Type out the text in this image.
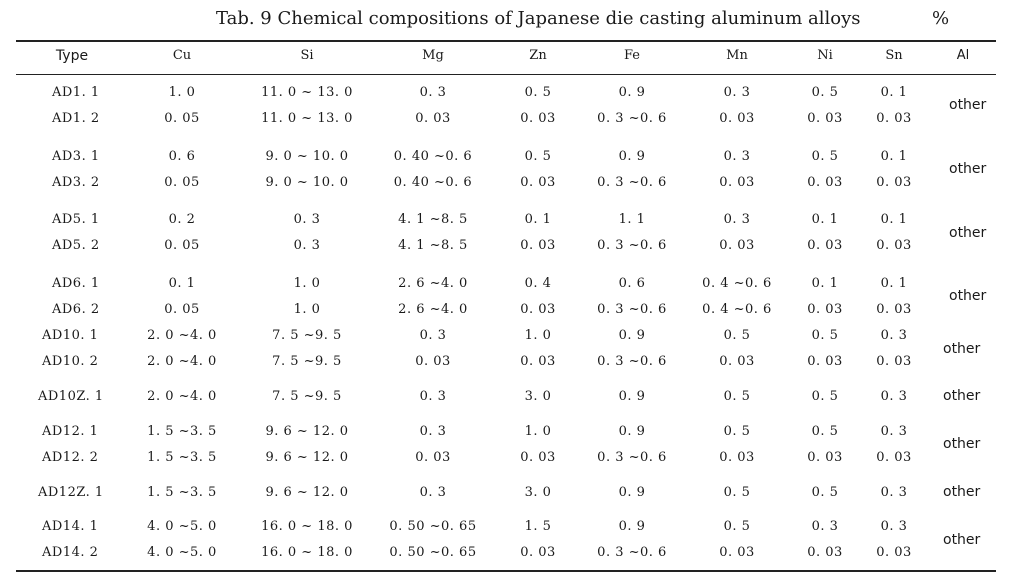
Tab. 9 Chemical compositions of Japanese die casting aluminum alloys	%
Type	Cu	Si	Mg	Zn	Fe	Mn	Ni	Sn	Al
AD1. 1	1. 0	11. 0 ~ 13. 0	0. 3	0. 5	0. 9	0. 3	0. 5	0. 1
AD1. 2	0. 05	11. 0 ~ 13. 0	0. 03	0. 03	0. 3 ~0. 6	0. 03	0. 03	0. 03
other
AD3. 1	0. 6	9. 0 ~ 10. 0	0. 40 ~0. 6	0. 5	0. 9	0. 3	0. 5	0. 1
AD3. 2	0. 05	9. 0 ~ 10. 0	0. 40 ~0. 6	0. 03	0. 3 ~0. 6	0. 03	0. 03	0. 03
other
AD5. 1	0. 2	0. 3	4. 1 ~8. 5	0. 1	1. 1	0. 3	0. 1	0. 1
AD5. 2	0. 05	0. 3	4. 1 ~8. 5	0. 03	0. 3 ~0. 6	0. 03	0. 03	0. 03
other
AD6. 1	0. 1	1. 0	2. 6 ~4. 0	0. 4	0. 6	0. 4 ~0. 6	0. 1	0. 1
AD6. 2	0. 05	1. 0	2. 6 ~4. 0	0. 03	0. 3 ~0. 6	0. 4 ~0. 6	0. 03	0. 03
other
AD10. 1	2. 0 ~4. 0	7. 5 ~9. 5	0. 3	1. 0	0. 9	0. 5	0. 5	0. 3
AD10. 2	2. 0 ~4. 0	7. 5 ~9. 5	0. 03	0. 03	0. 3 ~0. 6	0. 03	0. 03	0. 03
other
AD10Z. 1	2. 0 ~4. 0	7. 5 ~9. 5	0. 3	3. 0	0. 9	0. 5	0. 5	0. 3	other
AD12. 1	1. 5 ~3. 5	9. 6 ~ 12. 0	0. 3	1. 0	0. 9	0. 5	0. 5	0. 3
AD12. 2	1. 5 ~3. 5	9. 6 ~ 12. 0	0. 03	0. 03	0. 3 ~0. 6	0. 03	0. 03	0. 03
other
AD12Z. 1	1. 5 ~3. 5	9. 6 ~ 12. 0	0. 3	3. 0	0. 9	0. 5	0. 5	0. 3	other
AD14. 1	4. 0 ~5. 0	16. 0 ~ 18. 0	0. 50 ~0. 65	1. 5	0. 9	0. 5	0. 3	0. 3
AD14. 2	4. 0 ~5. 0	16. 0 ~ 18. 0	0. 50 ~0. 65	0. 03	0. 3 ~0. 6	0. 03	0. 03	0. 03
other
